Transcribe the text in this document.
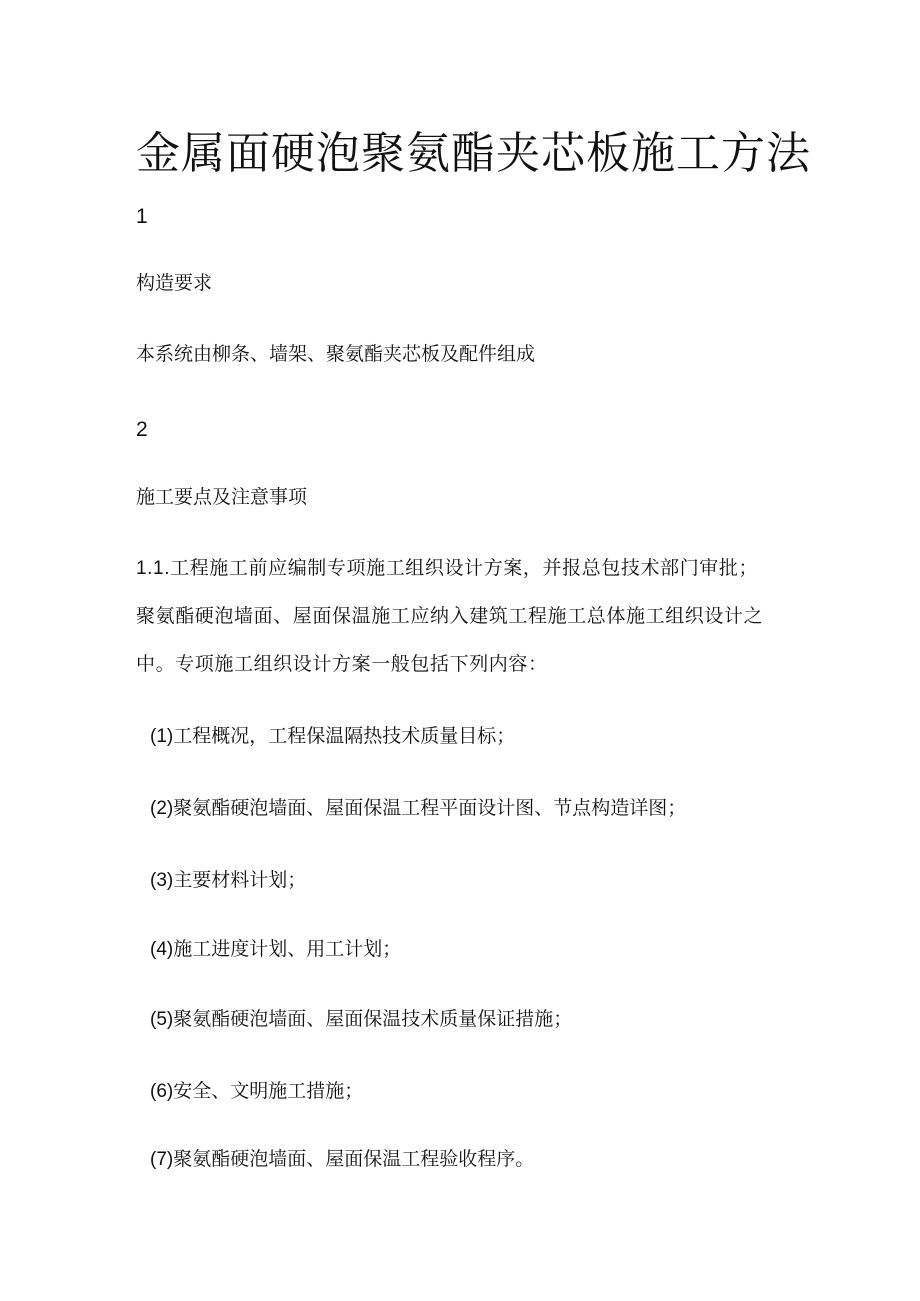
金属面硬泡聚氨酯夹芯板施工方法
1
构造要求
本系统由柳条、墙架、聚氨酯夹芯板及配件组成
2
施工要点及注意事项
1.1.工程施工前应编制专项施工组织设计方案，并报总包技术部门审批；
聚氨酯硬泡墙面、屋面保温施工应纳入建筑工程施工总体施工组织设计之
中。专项施工组织设计方案一般包括下列内容：
(1)工程概况，工程保温隔热技术质量目标；
(2)聚氨酯硬泡墙面、屋面保温工程平面设计图、节点构造详图；
(3)主要材料计划；
(4)施工进度计划、用工计划；
(5)聚氨酯硬泡墙面、屋面保温技术质量保证措施；
(6)安全、文明施工措施；
(7)聚氨酯硬泡墙面、屋面保温工程验收程序。
